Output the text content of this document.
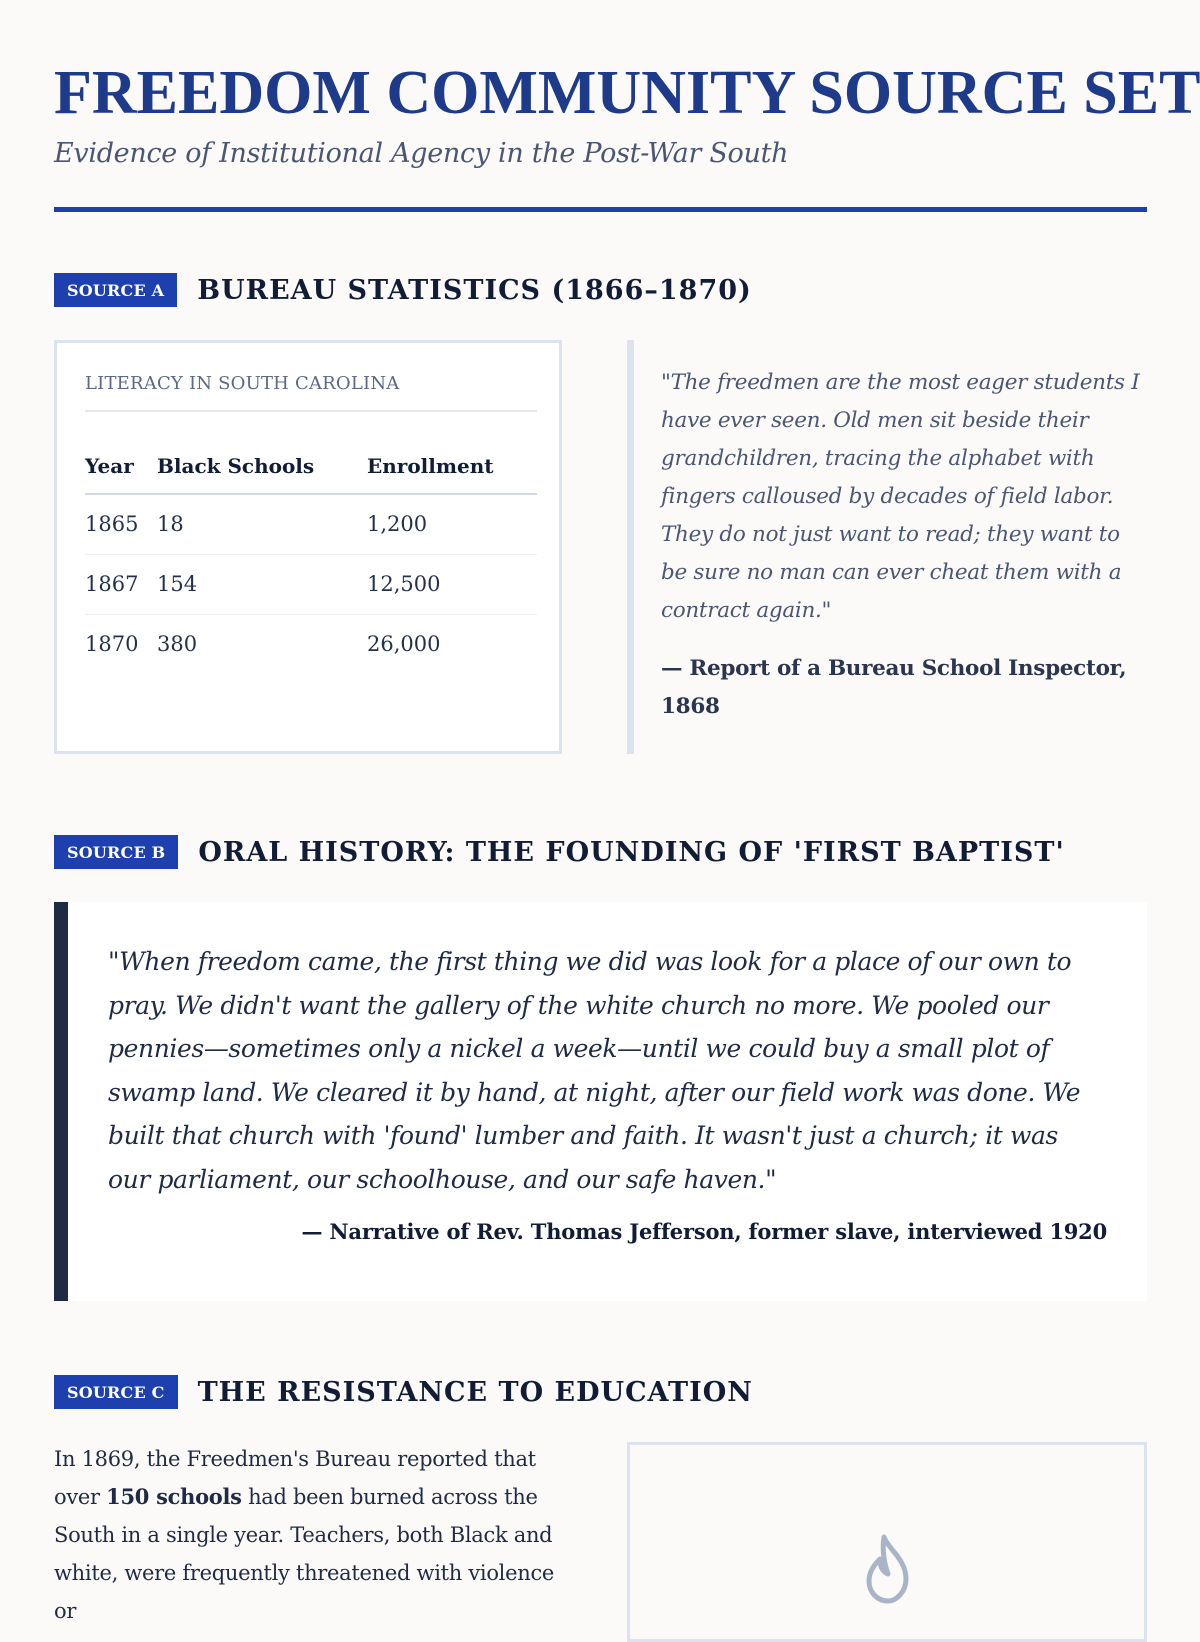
FREEDOM COMMUNITY SOURCE SET
Evidence of Institutional Agency in the Post-War South
SOURCE A	BUREAU STATISTICS (1866–1870)
LITERACY IN SOUTH CAROLINA
Year	Black Schools	Enrollment
1865	18	1,200
1867	154	12,500
1870	380	26,000
"The freedmen are the most eager students I have ever seen. Old men sit beside their grandchildren, tracing the alphabet with fingers calloused by decades of field labor. They do not just want to read; they want to be sure no man can ever cheat them with a contract again."
— Report of a Bureau School Inspector, 1868
SOURCE B	ORAL HISTORY: THE FOUNDING OF 'FIRST BAPTIST'
"When freedom came, the first thing we did was look for a place of our own to pray. We didn't want the gallery of the white church no more. We pooled our pennies—sometimes only a nickel a week—until we could buy a small plot of swamp land. We cleared it by hand, at night, after our field work was done. We built that church with 'found' lumber and faith. It wasn't just a church; it was our parliament, our schoolhouse, and our safe haven."
— Narrative of Rev. Thomas Jefferson, former slave, interviewed 1920
SOURCE C	THE RESISTANCE TO EDUCATION
In 1869, the Freedmen's Bureau reported that over 150 schools had been burned across the South in a single year. Teachers, both Black and white, were frequently threatened with violence or
